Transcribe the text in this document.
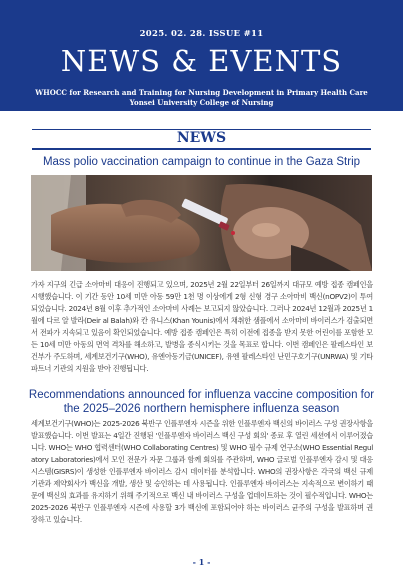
2025. 02. 28. ISSUE #11
NEWS & EVENTS
WHOCC for Research and Training for Nursing Development in Primary Health Care
Yonsei University College of Nursing
NEWS
Mass polio vaccination campaign to continue in the Gaza Strip
가자 지구의 긴급 소아마비 대응이 진행되고 있으며, 2025년 2월 22일부터 26일까지 대규모 예방 접종 캠페인을 시행했습니다. 이 기간 동안 10세 미만 아동 59만 1천 명 이상에게 2형 신형 경구 소아마비 백신(nOPV2)이 투여되었습니다. 2024년 8월 이후 추가적인 소아마비 사례는 보고되지 않았습니다. 그러나 2024년 12월과 2025년 1월에 다르 알 발라(Deir al Balah)와 칸 유니스(Khan Younis)에서 채취한 샘플에서 소아마비 바이러스가 검출되면서 전파가 지속되고 있음이 확인되었습니다. 예방 접종 캠페인은 특히 이전에 접종을 받지 못한 어린이를 포함한 모든 10세 미만 아동의 면역 격차를 해소하고, 발병을 종식시키는 것을 목표로 합니다. 이번 캠페인은 팔레스타인 보건부가 주도하며, 세계보건기구(WHO), 유엔아동기금(UNICEF), 유엔 팔레스타인 난민구호기구(UNRWA) 및 기타 파트너 기관의 지원을 받아 진행됩니다.
Recommendations announced for influenza vaccine composition for the 2025–2026 northern hemisphere influenza season
세계보건기구(WHO)는 2025-2026 북반구 인플루엔자 시즌을 위한 인플루엔자 백신의 바이러스 구성 권장사항을 발표했습니다. 이번 발표는 4일간 진행된 '인플루엔자 바이러스 백신 구성 회의' 종료 후 열린 세션에서 이루어졌습니다. WHO는 WHO 협력센터(WHO Collaborating Centres) 및 WHO 필수 규제 연구소(WHO Essential Regulatory Laboratories)에서 모인 전문가 자문 그룹과 함께 회의를 주관하며, WHO 글로벌 인플루엔자 감시 및 대응 시스템(GISRS)이 생성한 인플루엔자 바이러스 감시 데이터를 분석합니다. WHO의 권장사항은 각국의 백신 규제 기관과 제약회사가 백신을 개발, 생산 및 승인하는 데 사용됩니다. 인플루엔자 바이러스는 지속적으로 변이하기 때문에 백신의 효과를 유지하기 위해 주기적으로 백신 내 바이러스 구성을 업데이트하는 것이 필수적입니다. WHO는 2025-2026 북반구 인플루엔자 시즌에 사용할 3가 백신에 포함되어야 하는 바이러스 균주의 구성을 발표하며 권장하고 있습니다.
- 1 -
